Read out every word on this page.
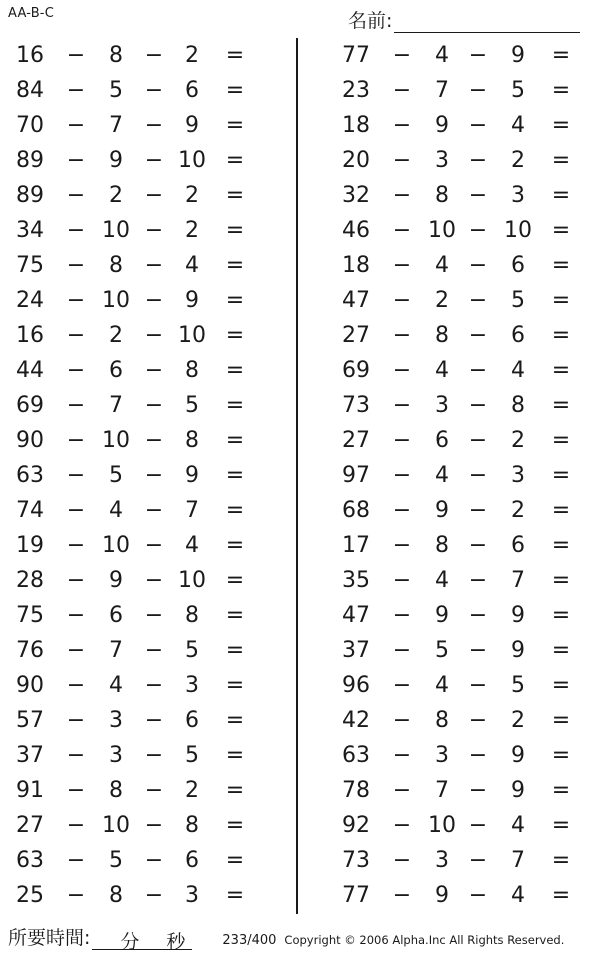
AA-B-C	名前:
16 −	8 − 2	=
84 −	5 − 6	=
70 −	7 − 9	=
89 −	9 − 10 =
89 −	2 − 2	=
34 − 10 − 2	=
75 −	8 − 4	=
24 − 10 − 9	=
16 −	2 − 10 =
44 −	6 − 8	=
69 −	7 − 5	=
90 − 10 − 8	=
63 −	5 − 9	=
74 −	4 − 7	=
19 − 10 − 4	=
28 −	9 − 10 =
75 −	6 − 8	=
76 −	7 − 5	=
90 −	4 − 3	=
57 −	3 − 6	=
37 −	3 − 5	=
91 −	8 − 2	=
27 − 10 − 8	=
63 −	5 − 6	=
25 −	8 − 3	=
77 −	4 −	9	=
23 −	7 −	5	=
18 −	9 −	4	=
20 −	3 −	2	=
32 −	8 −	3	=
46 − 10 − 10 =
18 −	4 −	6	=
47 −	2 −	5	=
27 −	8 −	6	=
69 −	4 −	4	=
73 −	3 −	8	=
27 −	6 −	2	=
97 −	4 −	3	=
68 −	9 −	2	=
17 −	8 −	6	=
35 −	4 −	7	=
47 −	9 −	9	=
37 −	5 −	9	=
96 −	4 −	5	=
42 −	8 −	2	=
63 −	3 −	9	=
78 −	7 −	9	=
92 − 10 −	4	=
73 −	3 −	7	=
77 −	9 −	4	=
所要時間: 分 秒	233/400 Copyright © 2006 Alpha.Inc All Rights Reserved.
